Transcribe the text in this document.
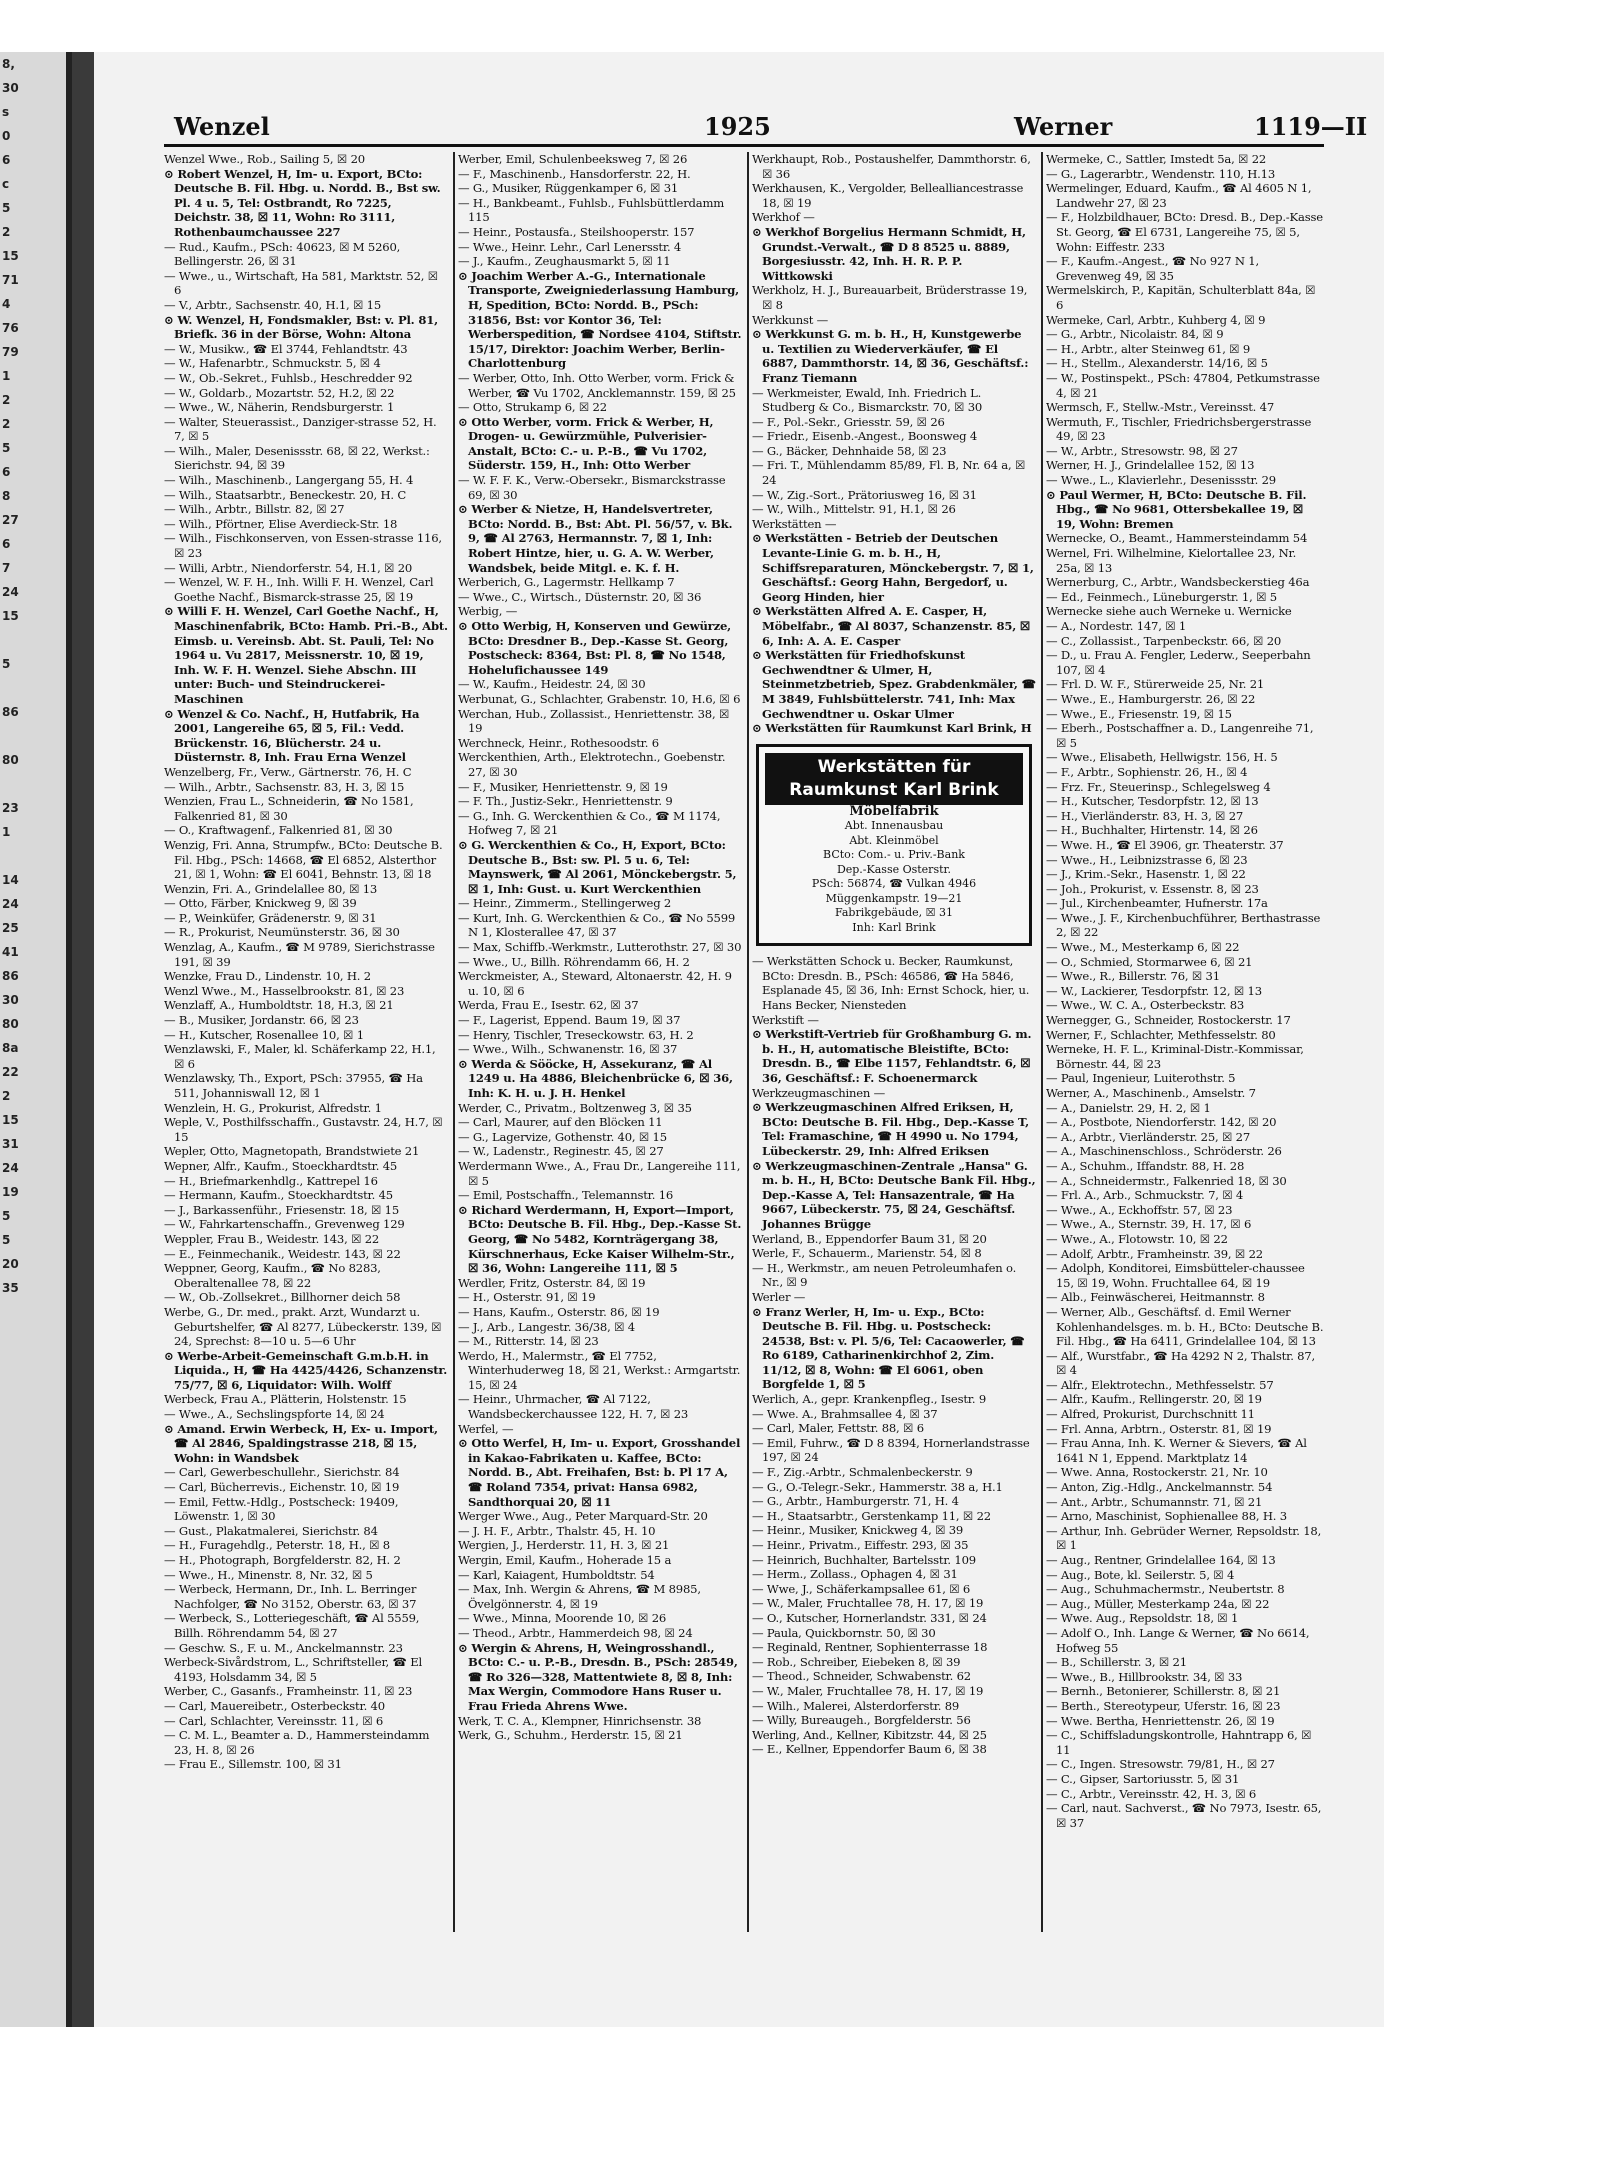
8,
30
s
0
6
c
5
2
15
71
4
76
79
1
2
2
5
6
8
27
6
7
24
15

5

86

80

23
1

14
24
25
41
86
30
80
8a
22
2
15
31
24
19
5
5
20
35
Wenzel	1925	Werner	1119—II

Wenzel Wwe., Rob., Sailing 5, ☒ 20

⊙ Robert Wenzel, H, Im- u. Export, BCto: Deutsche B. Fil. Hbg. u. Nordd. B., Bst sw. Pl. 4 u. 5, Tel: Ostbrandt, Ro 7225, Deichstr. 38, ☒ 11, Wohn: Ro 3111, Rothenbaumchaussee 227

— Rud., Kaufm., PSch: 40623, ☒ M 5260, Bellingerstr. 26, ☒ 31

— Wwe., u., Wirtschaft, Ha 581, Marktstr. 52, ☒ 6

— V., Arbtr., Sachsenstr. 40, H.1, ☒ 15

⊙ W. Wenzel, H, Fondsmakler, Bst: v. Pl. 81, Briefk. 36 in der Börse, Wohn: Altona

— W., Musikw., ☎ El 3744, Fehlandtstr. 43

— W., Hafenarbtr., Schmuckstr. 5, ☒ 4

— W., Ob.-Sekret., Fuhlsb., Heschredder 92

— W., Goldarb., Mozartstr. 52, H.2, ☒ 22

— Wwe., W., Näherin, Rendsburgerstr. 1

— Walter, Steuerassist., Danziger-strasse 52, H. 7, ☒ 5

— Wilh., Maler, Desenissstr. 68, ☒ 22, Werkst.: Sierichstr. 94, ☒ 39

— Wilh., Maschinenb., Langergang 55, H. 4

— Wilh., Staatsarbtr., Beneckestr. 20, H. C

— Wilh., Arbtr., Billstr. 82, ☒ 27

— Wilh., Pförtner, Elise Averdieck-Str. 18

— Wilh., Fischkonserven, von Essen-strasse 116, ☒ 23

— Willi, Arbtr., Niendorferstr. 54, H.1, ☒ 20

— Wenzel, W. F. H., Inh. Willi F. H. Wenzel, Carl Goethe Nachf., Bismarck-strasse 25, ☒ 19

⊙ Willi F. H. Wenzel, Carl Goethe Nachf., H, Maschinenfabrik, BCto: Hamb. Pri.-B., Abt. Eimsb. u. Vereinsb. Abt. St. Pauli, Tel: No 1964 u. Vu 2817, Meissnerstr. 10, ☒ 19, Inh. W. F. H. Wenzel. Siehe Abschn. III unter: Buch- und Steindruckerei-Maschinen

⊙ Wenzel & Co. Nachf., H, Hutfabrik, Ha 2001, Langereihe 65, ☒ 5, Fil.: Vedd. Brückenstr. 16, Blücherstr. 24 u. Düsternstr. 8, Inh. Frau Erna Wenzel

Wenzelberg, Fr., Verw., Gärtnerstr. 76, H. C

— Wilh., Arbtr., Sachsenstr. 83, H. 3, ☒ 15

Wenzien, Frau L., Schneiderin, ☎ No 1581, Falkenried 81, ☒ 30

— O., Kraftwagenf., Falkenried 81, ☒ 30

Wenzig, Fri. Anna, Strumpfw., BCto: Deutsche B. Fil. Hbg., PSch: 14668, ☎ El 6852, Alsterthor 21, ☒ 1, Wohn: ☎ El 6041, Behnstr. 13, ☒ 18

Wenzin, Fri. A., Grindelallee 80, ☒ 13

— Otto, Färber, Knickweg 9, ☒ 39

— P., Weinküfer, Grädenerstr. 9, ☒ 31

— R., Prokurist, Neumünsterstr. 36, ☒ 30

Wenzlag, A., Kaufm., ☎ M 9789, Sierichstrasse 191, ☒ 39

Wenzke, Frau D., Lindenstr. 10, H. 2

Wenzl Wwe., M., Hasselbrookstr. 81, ☒ 23

Wenzlaff, A., Humboldtstr. 18, H.3, ☒ 21

— B., Musiker, Jordanstr. 66, ☒ 23

— H., Kutscher, Rosenallee 10, ☒ 1

Wenzlawski, F., Maler, kl. Schäferkamp 22, H.1, ☒ 6

Wenzlawsky, Th., Export, PSch: 37955, ☎ Ha 511, Johanniswall 12, ☒ 1

Wenzlein, H. G., Prokurist, Alfredstr. 1

Weple, V., Posthilfsschaffn., Gustavstr. 24, H.7, ☒ 15

Wepler, Otto, Magnetopath, Brandstwiete 21

Wepner, Alfr., Kaufm., Stoeckhardtstr. 45

— H., Briefmarkenhdlg., Kattrepel 16

— Hermann, Kaufm., Stoeckhardtstr. 45

— J., Barkassenführ., Friesenstr. 18, ☒ 15

— W., Fahrkartenschaffn., Grevenweg 129

Weppler, Frau B., Weidestr. 143, ☒ 22

— E., Feinmechanik., Weidestr. 143, ☒ 22

Weppner, Georg, Kaufm., ☎ No 8283, Oberaltenallee 78, ☒ 22

— W., Ob.-Zollsekret., Billhorner deich 58

Werbe, G., Dr. med., prakt. Arzt, Wundarzt u. Geburtshelfer, ☎ Al 8277, Lübeckerstr. 139, ☒ 24, Sprechst: 8—10 u. 5—6 Uhr

⊙ Werbe-Arbeit-Gemeinschaft G.m.b.H. in Liquida., H, ☎ Ha 4425/4426, Schanzenstr. 75/77, ☒ 6, Liquidator: Wilh. Wolff

Werbeck, Frau A., Plätterin, Holstenstr. 15

— Wwe., A., Sechslingspforte 14, ☒ 24

⊙ Amand. Erwin Werbeck, H, Ex- u. Import, ☎ Al 2846, Spaldingstrasse 218, ☒ 15, Wohn: in Wandsbek

— Carl, Gewerbeschullehr., Sierichstr. 84

— Carl, Bücherrevis., Eichenstr. 10, ☒ 19

— Emil, Fettw.-Hdlg., Postscheck: 19409, Löwenstr. 1, ☒ 30

— Gust., Plakatmalerei, Sierichstr. 84

— H., Furagehdlg., Peterstr. 18, H., ☒ 8

— H., Photograph, Borgfelderstr. 82, H. 2

— Wwe., H., Minenstr. 8, Nr. 32, ☒ 5

— Werbeck, Hermann, Dr., Inh. L. Berringer Nachfolger, ☎ No 3152, Oberstr. 63, ☒ 37

— Werbeck, S., Lotteriegeschäft, ☎ Al 5559, Billh. Röhrendamm 54, ☒ 27

— Geschw. S., F. u. M., Anckelmannstr. 23

Werbeck-Sivårdstrom, L., Schriftsteller, ☎ El 4193, Holsdamm 34, ☒ 5

Werber, C., Gasanfs., Framheinstr. 11, ☒ 23

— Carl, Mauereibetr., Osterbeckstr. 40

— Carl, Schlachter, Vereinsstr. 11, ☒ 6

— C. M. L., Beamter a. D., Hammersteindamm 23, H. 8, ☒ 26

— Frau E., Sillemstr. 100, ☒ 31

Werber, Emil, Schulenbeeksweg 7, ☒ 26

— F., Maschinenb., Hansdorferstr. 22, H.

— G., Musiker, Rüggenkamper 6, ☒ 31

— H., Bankbeamt., Fuhlsb., Fuhlsbüttlerdamm 115

— Heinr., Postausfa., Steilshooperstr. 157

— Wwe., Heinr. Lehr., Carl Lenersstr. 4

— J., Kaufm., Zeughausmarkt 5, ☒ 11

⊙ Joachim Werber A.-G., Internationale Transporte, Zweigniederlassung Hamburg, H, Spedition, BCto: Nordd. B., PSch: 31856, Bst: vor Kontor 36, Tel: Werberspedition, ☎ Nordsee 4104, Stiftstr. 15/17, Direktor: Joachim Werber, Berlin-Charlottenburg

— Werber, Otto, Inh. Otto Werber, vorm. Frick & Werber, ☎ Vu 1702, Ancklemannstr. 159, ☒ 25

— Otto, Strukamp 6, ☒ 22

⊙ Otto Werber, vorm. Frick & Werber, H, Drogen- u. Gewürzmühle, Pulverisier-Anstalt, BCto: C.- u. P.-B., ☎ Vu 1702, Süderstr. 159, H., Inh: Otto Werber

— W. F. F. K., Verw.-Obersekr., Bismarckstrasse 69, ☒ 30

⊙ Werber & Nietze, H, Handelsvertreter, BCto: Nordd. B., Bst: Abt. Pl. 56/57, v. Bk. 9, ☎ Al 2763, Hermannstr. 7, ☒ 1, Inh: Robert Hintze, hier, u. G. A. W. Werber, Wandsbek, beide Mitgl. e. K. f. H.

Werberich, G., Lagermstr. Hellkamp 7

— Wwe., C., Wirtsch., Düsternstr. 20, ☒ 36

Werbig, —

⊙ Otto Werbig, H, Konserven und Gewürze, BCto: Dresdner B., Dep.-Kasse St. Georg, Postscheck: 8364, Bst: Pl. 8, ☎ No 1548, Hohelufichaussee 149

— W., Kaufm., Heidestr. 24, ☒ 30

Werbunat, G., Schlachter, Grabenstr. 10, H.6, ☒ 6

Werchan, Hub., Zollassist., Henriettenstr. 38, ☒ 19

Werchneck, Heinr., Rothesoodstr. 6

Werckenthien, Arth., Elektrotechn., Goebenstr. 27, ☒ 30

— F., Musiker, Henriettenstr. 9, ☒ 19

— F. Th., Justiz-Sekr., Henriettenstr. 9

— G., Inh. G. Werckenthien & Co., ☎ M 1174, Hofweg 7, ☒ 21

⊙ G. Werckenthien & Co., H, Export, BCto: Deutsche B., Bst: sw. Pl. 5 u. 6, Tel: Maynswerk, ☎ Al 2061, Mönckebergstr. 5, ☒ 1, Inh: Gust. u. Kurt Werckenthien

— Heinr., Zimmerm., Stellingerweg 2

— Kurt, Inh. G. Werckenthien & Co., ☎ No 5599 N 1, Klosterallee 47, ☒ 37

— Max, Schiffb.-Werkmstr., Lutterothstr. 27, ☒ 30

— Wwe., U., Billh. Röhrendamm 66, H. 2

Werckmeister, A., Steward, Altonaerstr. 42, H. 9 u. 10, ☒ 6

Werda, Frau E., Isestr. 62, ☒ 37

— F., Lagerist, Eppend. Baum 19, ☒ 37

— Henry, Tischler, Treseckowstr. 63, H. 2

— Wwe., Wilh., Schwanenstr. 16, ☒ 37

⊙ Werda & Sööcke, H, Assekuranz, ☎ Al 1249 u. Ha 4886, Bleichenbrücke 6, ☒ 36, Inh: K. H. u. J. H. Henkel

Werder, C., Privatm., Boltzenweg 3, ☒ 35

— Carl, Maurer, auf den Blöcken 11

— G., Lagervize, Gothenstr. 40, ☒ 15

— W., Ladenstr., Reginestr. 45, ☒ 27

Werdermann Wwe., A., Frau Dr., Langereihe 111, ☒ 5

— Emil, Postschaffn., Telemannstr. 16

⊙ Richard Werdermann, H, Export—Import, BCto: Deutsche B. Fil. Hbg., Dep.-Kasse St. Georg, ☎ No 5482, Kornträgergang 38, Kürschnerhaus, Ecke Kaiser Wilhelm-Str., ☒ 36, Wohn: Langereihe 111, ☒ 5

Werdler, Fritz, Osterstr. 84, ☒ 19

— H., Osterstr. 91, ☒ 19

— Hans, Kaufm., Osterstr. 86, ☒ 19

— J., Arb., Langestr. 36/38, ☒ 4

— M., Ritterstr. 14, ☒ 23

Werdo, H., Malermstr., ☎ El 7752, Winterhuderweg 18, ☒ 21, Werkst.: Armgartstr. 15, ☒ 24

— Heinr., Uhrmacher, ☎ Al 7122, Wandsbeckerchaussee 122, H. 7, ☒ 23

Werfel, —

⊙ Otto Werfel, H, Im- u. Export, Grosshandel in Kakao-Fabrikaten u. Kaffee, BCto: Nordd. B., Abt. Freihafen, Bst: b. Pl 17 A, ☎ Roland 7354, privat: Hansa 6982, Sandthorquai 20, ☒ 11

Werger Wwe., Aug., Peter Marquard-Str. 20

— J. H. F., Arbtr., Thalstr. 45, H. 10

Wergien, J., Herderstr. 11, H. 3, ☒ 21

Wergin, Emil, Kaufm., Hoherade 15 a

— Karl, Kaiagent, Humboldtstr. 54

— Max, Inh. Wergin & Ahrens, ☎ M 8985, Övelgönnerstr. 4, ☒ 19

— Wwe., Minna, Moorende 10, ☒ 26

— Theod., Arbtr., Hammerdeich 98, ☒ 24

⊙ Wergin & Ahrens, H, Weingrosshandl., BCto: C.- u. P.-B., Dresdn. B., PSch: 28549, ☎ Ro 326—328, Mattentwiete 8, ☒ 8, Inh: Max Wergin, Commodore Hans Ruser u. Frau Frieda Ahrens Wwe.

Werk, T. C. A., Klempner, Hinrichsenstr. 38

Werk, G., Schuhm., Herderstr. 15, ☒ 21

Werkhaupt, Rob., Postaushelfer, Dammthorstr. 6, ☒ 36

Werkhausen, K., Vergolder, Bellealliancestrasse 18, ☒ 19

Werkhof —

⊙ Werkhof Borgelius Hermann Schmidt, H, Grundst.-Verwalt., ☎ D 8 8525 u. 8889, Borgesiusstr. 42, Inh. H. R. P. P. Wittkowski

Werkholz, H. J., Bureauarbeit, Brüderstrasse 19, ☒ 8

Werkkunst —

⊙ Werkkunst G. m. b. H., H, Kunstgewerbe u. Textilien zu Wiederverkäufer, ☎ El 6887, Dammthorstr. 14, ☒ 36, Geschäftsf.: Franz Tiemann

— Werkmeister, Ewald, Inh. Friedrich L. Studberg & Co., Bismarckstr. 70, ☒ 30

— F., Pol.-Sekr., Griesstr. 59, ☒ 26

— Friedr., Eisenb.-Angest., Boonsweg 4

— G., Bäcker, Dehnhaide 58, ☒ 23

— Fri. T., Mühlendamm 85/89, Fl. B, Nr. 64 a, ☒ 24

— W., Zig.-Sort., Prätoriusweg 16, ☒ 31

— W., Wilh., Mittelstr. 91, H.1, ☒ 26

Werkstätten —

⊙ Werkstätten - Betrieb der Deutschen Levante-Linie G. m. b. H., H, Schiffsreparaturen, Mönckebergstr. 7, ☒ 1, Geschäftsf.: Georg Hahn, Bergedorf, u. Georg Hinden, hier

⊙ Werkstätten Alfred A. E. Casper, H, Möbelfabr., ☎ Al 8037, Schanzenstr. 85, ☒ 6, Inh: A. A. E. Casper

⊙ Werkstätten für Friedhofskunst Gechwendtner & Ulmer, H, Steinmetzbetrieb, Spez. Grabdenkmäler, ☎ M 3849, Fuhlsbüttelerstr. 741, Inh: Max Gechwendtner u. Oskar Ulmer

⊙ Werkstätten für Raumkunst Karl Brink, H

Werkstätten für Raumkunst Karl Brink
Möbelfabrik
Abt. Innenausbau
Abt. Kleinmöbel
BCto: Com.- u. Priv.-Bank
Dep.-Kasse Osterstr.
PSch: 56874, ☎ Vulkan 4946
Müggenkampstr. 19—21
Fabrikgebäude, ☒ 31
Inh: Karl Brink

— Werkstätten Schock u. Becker, Raumkunst, BCto: Dresdn. B., PSch: 46586, ☎ Ha 5846, Esplanade 45, ☒ 36, Inh: Ernst Schock, hier, u. Hans Becker, Niensteden

Werkstift —

⊙ Werkstift-Vertrieb für Großhamburg G. m. b. H., H, automatische Bleistifte, BCto: Dresdn. B., ☎ Elbe 1157, Fehlandtstr. 6, ☒ 36, Geschäftsf.: F. Schoenermarck

Werkzeugmaschinen —

⊙ Werkzeugmaschinen Alfred Eriksen, H, BCto: Deutsche B. Fil. Hbg., Dep.-Kasse T, Tel: Framaschine, ☎ H 4990 u. No 1794, Lübeckerstr. 29, Inh: Alfred Eriksen

⊙ Werkzeugmaschinen-Zentrale „Hansa" G. m. b. H., H, BCto: Deutsche Bank Fil. Hbg., Dep.-Kasse A, Tel: Hansazentrale, ☎ Ha 9667, Lübeckerstr. 75, ☒ 24, Geschäftsf. Johannes Brügge

Werland, B., Eppendorfer Baum 31, ☒ 20

Werle, F., Schauerm., Marienstr. 54, ☒ 8

— H., Werkmstr., am neuen Petroleumhafen o. Nr., ☒ 9

Werler —

⊙ Franz Werler, H, Im- u. Exp., BCto: Deutsche B. Fil. Hbg. u. Postscheck: 24538, Bst: v. Pl. 5/6, Tel: Cacaowerler, ☎ Ro 6189, Catharinenkirchhof 2, Zim. 11/12, ☒ 8, Wohn: ☎ El 6061, oben Borgfelde 1, ☒ 5

Werlich, A., gepr. Krankenpfleg., Isestr. 9

— Wwe. A., Brahmsallee 4, ☒ 37

— Carl, Maler, Fettstr. 88, ☒ 6

— Emil, Fuhrw., ☎ D 8 8394, Hornerlandstrasse 197, ☒ 24

— F., Zig.-Arbtr., Schmalenbeckerstr. 9

— G., O.-Telegr.-Sekr., Hammerstr. 38 a, H.1

— G., Arbtr., Hamburgerstr. 71, H. 4

— H., Staatsarbtr., Gerstenkamp 11, ☒ 22

— Heinr., Musiker, Knickweg 4, ☒ 39

— Heinr., Privatm., Eiffestr. 293, ☒ 35

— Heinrich, Buchhalter, Bartelsstr. 109

— Herm., Zollass., Ophagen 4, ☒ 31

— Wwe, J., Schäferkampsallee 61, ☒ 6

— W., Maler, Fruchtallee 78, H. 17, ☒ 19

— O., Kutscher, Hornerlandstr. 331, ☒ 24

— Paula, Quickbornstr. 50, ☒ 30

— Reginald, Rentner, Sophienterrasse 18

— Rob., Schreiber, Eiebeken 8, ☒ 39

— Theod., Schneider, Schwabenstr. 62

— W., Maler, Fruchtallee 78, H. 17, ☒ 19

— Wilh., Malerei, Alsterdorferstr. 89

— Willy, Bureaugeh., Borgfelderstr. 56

Werling, And., Kellner, Kibitzstr. 44, ☒ 25

— E., Kellner, Eppendorfer Baum 6, ☒ 38

Wermeke, C., Sattler, Imstedt 5a, ☒ 22

— G., Lagerarbtr., Wendenstr. 110, H.13

Wermelinger, Eduard, Kaufm., ☎ Al 4605 N 1, Landwehr 27, ☒ 23

— F., Holzbildhauer, BCto: Dresd. B., Dep.-Kasse St. Georg, ☎ El 6731, Langereihe 75, ☒ 5, Wohn: Eiffestr. 233

— F., Kaufm.-Angest., ☎ No 927 N 1, Grevenweg 49, ☒ 35

Wermelskirch, P., Kapitän, Schulterblatt 84a, ☒ 6

Wermeke, Carl, Arbtr., Kuhberg 4, ☒ 9

— G., Arbtr., Nicolaistr. 84, ☒ 9

— H., Arbtr., alter Steinweg 61, ☒ 9

— H., Stellm., Alexanderstr. 14/16, ☒ 5

— W., Postinspekt., PSch: 47804, Petkumstrasse 4, ☒ 21

Wermsch, F., Stellw.-Mstr., Vereinsst. 47

Wermuth, F., Tischler, Friedrichsbergerstrasse 49, ☒ 23

— W., Arbtr., Stresowstr. 98, ☒ 27

Werner, H. J., Grindelallee 152, ☒ 13

— Wwe., L., Klavierlehr., Desenissstr. 29

⊙ Paul Wermer, H, BCto: Deutsche B. Fil. Hbg., ☎ No 9681, Ottersbekallee 19, ☒ 19, Wohn: Bremen

Wernecke, O., Beamt., Hammersteindamm 54

Wernel, Fri. Wilhelmine, Kielortallee 23, Nr. 25a, ☒ 13

Wernerburg, C., Arbtr., Wandsbeckerstieg 46a

— Ed., Feinmech., Lüneburgerstr. 1, ☒ 5

Wernecke siehe auch Werneke u. Wernicke

— A., Nordestr. 147, ☒ 1

— C., Zollassist., Tarpenbeckstr. 66, ☒ 20

— D., u. Frau A. Fengler, Lederw., Seeperbahn 107, ☒ 4

— Frl. D. W. F., Stürerweide 25, Nr. 21

— Wwe., E., Hamburgerstr. 26, ☒ 22

— Wwe., E., Friesenstr. 19, ☒ 15

— Eberh., Postschaffner a. D., Langenreihe 71, ☒ 5

— Wwe., Elisabeth, Hellwigstr. 156, H. 5

— F., Arbtr., Sophienstr. 26, H., ☒ 4

— Frz. Fr., Steuerinsp., Schlegelsweg 4

— H., Kutscher, Tesdorpfstr. 12, ☒ 13

— H., Vierländerstr. 83, H. 3, ☒ 27

— H., Buchhalter, Hirtenstr. 14, ☒ 26

— Wwe. H., ☎ El 3906, gr. Theaterstr. 37

— Wwe., H., Leibnizstrasse 6, ☒ 23

— J., Krim.-Sekr., Hasenstr. 1, ☒ 22

— Joh., Prokurist, v. Essenstr. 8, ☒ 23

— Jul., Kirchenbeamter, Hufnerstr. 17a

— Wwe., J. F., Kirchenbuchführer, Berthastrasse 2, ☒ 22

— Wwe., M., Mesterkamp 6, ☒ 22

— O., Schmied, Stormarwee 6, ☒ 21

— Wwe., R., Billerstr. 76, ☒ 31

— W., Lackierer, Tesdorpfstr. 12, ☒ 13

— Wwe., W. C. A., Osterbeckstr. 83

Wernegger, G., Schneider, Rostockerstr. 17

Werner, F., Schlachter, Methfesselstr. 80

Werneke, H. F. L., Kriminal-Distr.-Kommissar, Börnestr. 44, ☒ 23

— Paul, Ingenieur, Luiterothstr. 5

Werner, A., Maschinenb., Amselstr. 7

— A., Danielstr. 29, H. 2, ☒ 1

— A., Postbote, Niendorferstr. 142, ☒ 20

— A., Arbtr., Vierländerstr. 25, ☒ 27

— A., Maschinenschloss., Schröderstr. 26

— A., Schuhm., Iffandstr. 88, H. 28

— A., Schneidermstr., Falkenried 18, ☒ 30

— Frl. A., Arb., Schmuckstr. 7, ☒ 4

— Wwe., A., Eckhoffstr. 57, ☒ 23

— Wwe., A., Sternstr. 39, H. 17, ☒ 6

— Wwe., A., Flotowstr. 10, ☒ 22

— Adolf, Arbtr., Framheinstr. 39, ☒ 22

— Adolph, Konditorei, Eimsbütteler-chaussee 15, ☒ 19, Wohn. Fruchtallee 64, ☒ 19

— Alb., Feinwäscherei, Heitmannstr. 8

— Werner, Alb., Geschäftsf. d. Emil Werner Kohlenhandelsges. m. b. H., BCto: Deutsche B. Fil. Hbg., ☎ Ha 6411, Grindelallee 104, ☒ 13

— Alf., Wurstfabr., ☎ Ha 4292 N 2, Thalstr. 87, ☒ 4

— Alfr., Elektrotechn., Methfesselstr. 57

— Alfr., Kaufm., Rellingerstr. 20, ☒ 19

— Alfred, Prokurist, Durchschnitt 11

— Frl. Anna, Arbtrn., Osterstr. 81, ☒ 19

— Frau Anna, Inh. K. Werner & Sievers, ☎ Al 1641 N 1, Eppend. Marktplatz 14

— Wwe. Anna, Rostockerstr. 21, Nr. 10

— Anton, Zig.-Hdlg., Anckelmannstr. 54

— Ant., Arbtr., Schumannstr. 71, ☒ 21

— Arno, Maschinist, Sophienallee 88, H. 3

— Arthur, Inh. Gebrüder Werner, Repsoldstr. 18, ☒ 1

— Aug., Rentner, Grindelallee 164, ☒ 13

— Aug., Bote, kl. Seilerstr. 5, ☒ 4

— Aug., Schuhmachermstr., Neubertstr. 8

— Aug., Müller, Mesterkamp 24a, ☒ 22

— Wwe. Aug., Repsoldstr. 18, ☒ 1

— Adolf O., Inh. Lange & Werner, ☎ No 6614, Hofweg 55

— B., Schillerstr. 3, ☒ 21

— Wwe., B., Hillbrookstr. 34, ☒ 33

— Bernh., Betonierer, Schillerstr. 8, ☒ 21

— Berth., Stereotypeur, Uferstr. 16, ☒ 23

— Wwe. Bertha, Henriettenstr. 26, ☒ 19

— C., Schiffsladungskontrolle, Hahntrapp 6, ☒ 11

— C., Ingen. Stresowstr. 79/81, H., ☒ 27

— C., Gipser, Sartoriusstr. 5, ☒ 31

— C., Arbtr., Vereinsstr. 42, H. 3, ☒ 6

— Carl, naut. Sachverst., ☎ No 7973, Isestr. 65, ☒ 37
